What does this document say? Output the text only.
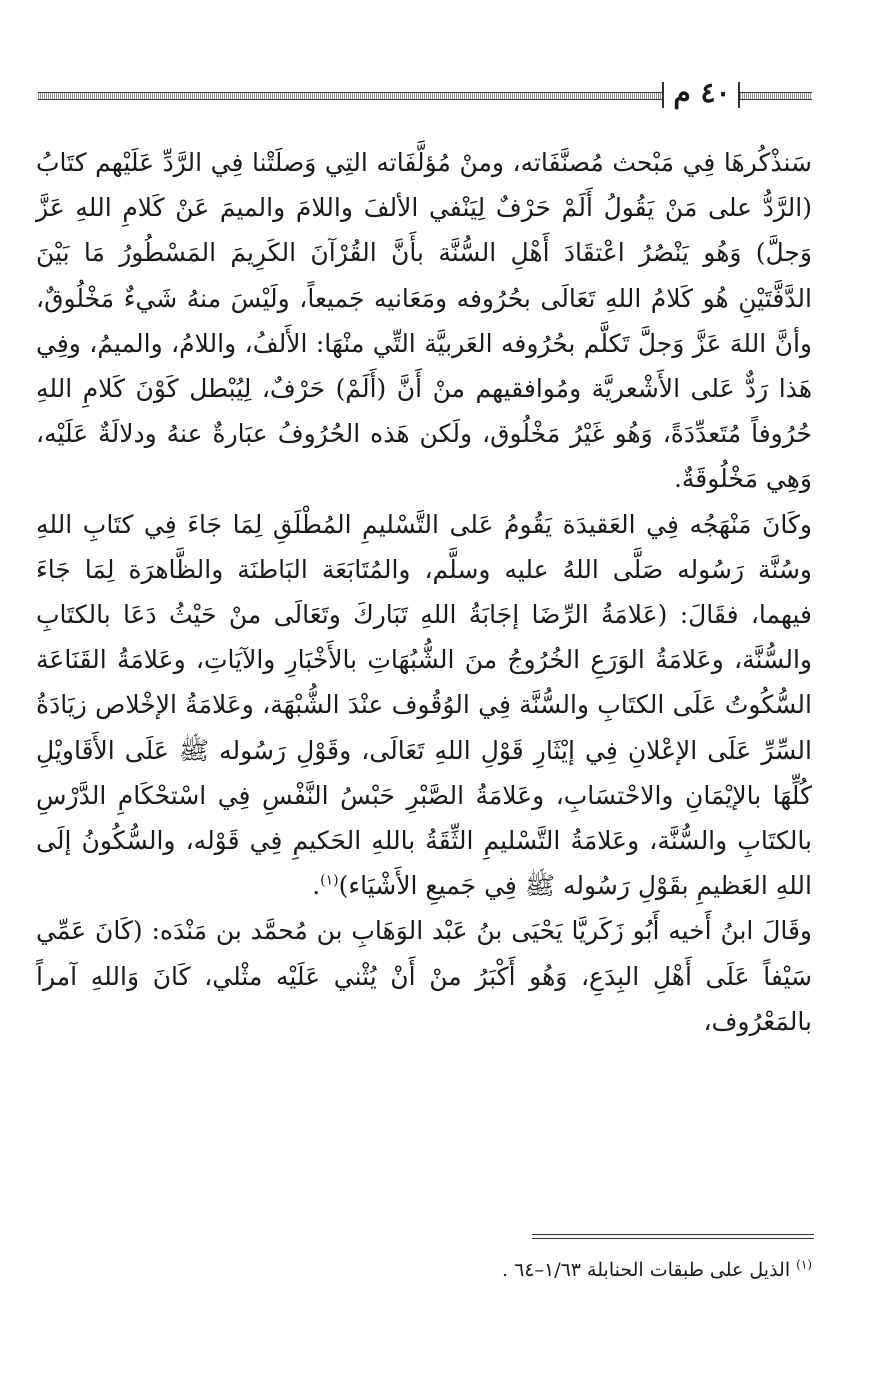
٤٠ م

سَنذْكُرهَا فِي مَبْحث مُصنَّفَاته، ومنْ مُؤلَّفَاته التِي وَصلَتْنا فِي الرَّدِّ عَلَيْهم كتَابُ (الرَّدُّ على مَنْ يَقُولُ أَلَمْ حَرْفٌ لِيَنْفي الألفَ واللامَ والميمَ عَنْ كَلامِ اللهِ عَزَّ وَجلَّ) وَهُو يَنْصُرُ اعْتقَادَ أَهْلِ السُّنَّة بأَنَّ القُرْآنَ الكَرِيمَ المَسْطُورُ مَا بَيْنَ الدَّفَّتَيْنِ هُو كَلامُ اللهِ تَعَالَى بحُرُوفه ومَعَانيه جَميعاً، ولَيْسَ منهُ شَيءٌ مَخْلُوقٌ، وأنَّ اللهَ عَزَّ وَجلَّ تَكلَّم بحُرُوفه العَربيَّة التِّي منْهَا: الأَلفُ، واللامُ، والميمُ، وفِي هَذا رَدٌّ عَلى الأَشْعريَّة ومُوافقيهم منْ أَنَّ (أَلَمْ) حَرْفٌ، لِيُبْطل كَوْنَ كَلامِ اللهِ حُرُوفاً مُتَعدِّدَةً، وَهُو غَيْرُ مَخْلُوق، ولَكن هَذه الحُرُوفُ عبَارةٌ عنهُ ودلالَةٌ عَلَيْه، وَهِي مَخْلُوقَةٌ.

وكَانَ مَنْهَجُه فِي العَقيدَة يَقُومُ عَلى التَّسْليمِ المُطْلَقِ لِمَا جَاءَ فِي كتَابِ اللهِ وسُنَّة رَسُوله صَلَّى اللهُ عليه وسلَّم، والمُتَابَعَة البَاطنَة والظَّاهرَة لِمَا جَاءَ فيهما، فقَالَ: (عَلامَةُ الرِّضَا إجَابَةُ اللهِ تَبَاركَ وتَعَالَى منْ حَيْثُ دَعَا بالكتَابِ والسُّنَّة، وعَلامَةُ الوَرَعِ الخُرُوجُ منَ الشُّبُهَاتِ بالأَخْبَارِ والآيَاتِ، وعَلامَةُ القَنَاعَة السُّكُوتُ عَلَى الكتَابِ والسُّنَّة فِي الوُقُوف عنْدَ الشُّبْهَة، وعَلامَةُ الإخْلاص زيَادَةُ السِّرِّ عَلَى الإعْلانِ فِي إيْثَارِ قَوْلِ اللهِ تَعَالَى، وقَوْلِ رَسُوله ﷺ عَلَى الأَقَاويْلِ كُلِّهَا بالإيْمَانِ والاحْتسَابِ، وعَلامَةُ الصَّبْرِ حَبْسُ النَّفْسِ فِي اسْتحْكَامِ الدَّرْسِ بالكتَابِ والسُّنَّة، وعَلامَةُ التَّسْليمِ الثِّقَةُ باللهِ الحَكيمِ فِي قَوْله، والسُّكُونُ إلَى اللهِ العَظيمِ بقَوْلِ رَسُوله ﷺ فِي جَميعِ الأَشْيَاء)$^{(١)}$.

وقَالَ ابنُ أَخيه أَبُو زَكَريَّا يَحْيَى بنُ عَبْد الوَهَابِ بن مُحمَّد بن مَنْدَه: (كَانَ عَمِّي سَيْفاً عَلَى أَهْلِ البِدَعِ، وَهُو أَكْبَرُ منْ أَنْ يُثْني عَلَيْه مثْلي، كَانَ وَاللهِ آمراً بالمَعْرُوف،

$^{(١)}$ الذيل على طبقات الحنابلة ١/٦٣–٦٤ .
